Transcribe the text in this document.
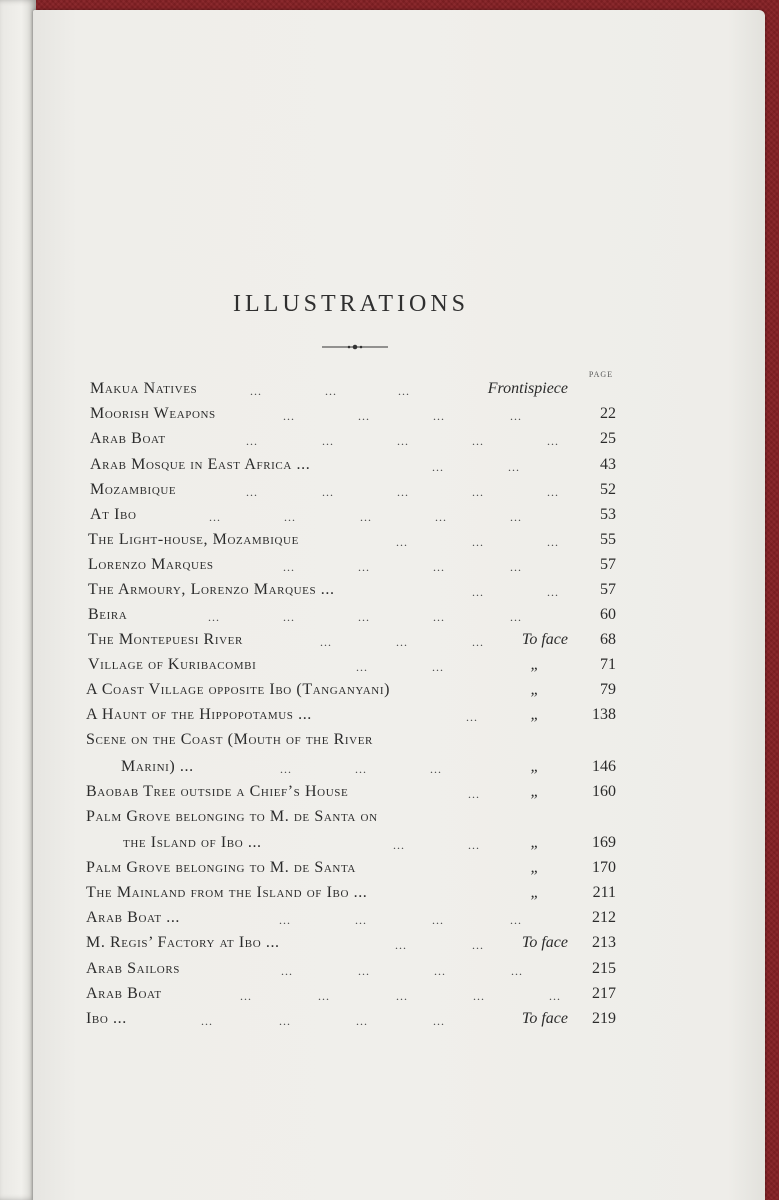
ILLUSTRATIONS
PAGE
Makua Natives	...	...	...	Frontispiece
Moorish Weapons	...	...	...	...	22
Arab Boat	...	...	...	...	...	25
Arab Mosque in East Africa ...	...	...	43
Mozambique	...	...	...	...	...	52
At Ibo	...	...	...	...	...	53
The Light-house, Mozambique	...	...	...	55
Lorenzo Marques	...	...	...	...	57
The Armoury, Lorenzo Marques ...	...	...	57
Beira	...	...	...	...	...	60
The Montepuesi River	...	...	...	To face	68
Village of Kuribacombi	...	...	„	71
A Coast Village opposite Ibo (Tanganyani)	„	79
A Haunt of the Hippopotamus ...	...	„	138
Scene on the Coast (Mouth of the River
Marini) ...	...	...	...	„	146
Baobab Tree outside a Chief’s House	...	„	160
Palm Grove belonging to M. de Santa on
the Island of Ibo ...	...	...	„	169
Palm Grove belonging to M. de Santa	„	170
The Mainland from the Island of Ibo ...	„	211
Arab Boat ...	...	...	...	...	212
M. Regis’ Factory at Ibo ...	...	...	To face	213
Arab Sailors	...	...	...	...	215
Arab Boat	...	...	...	...	...	217
Ibo ...	...	...	...	...	To face	219
